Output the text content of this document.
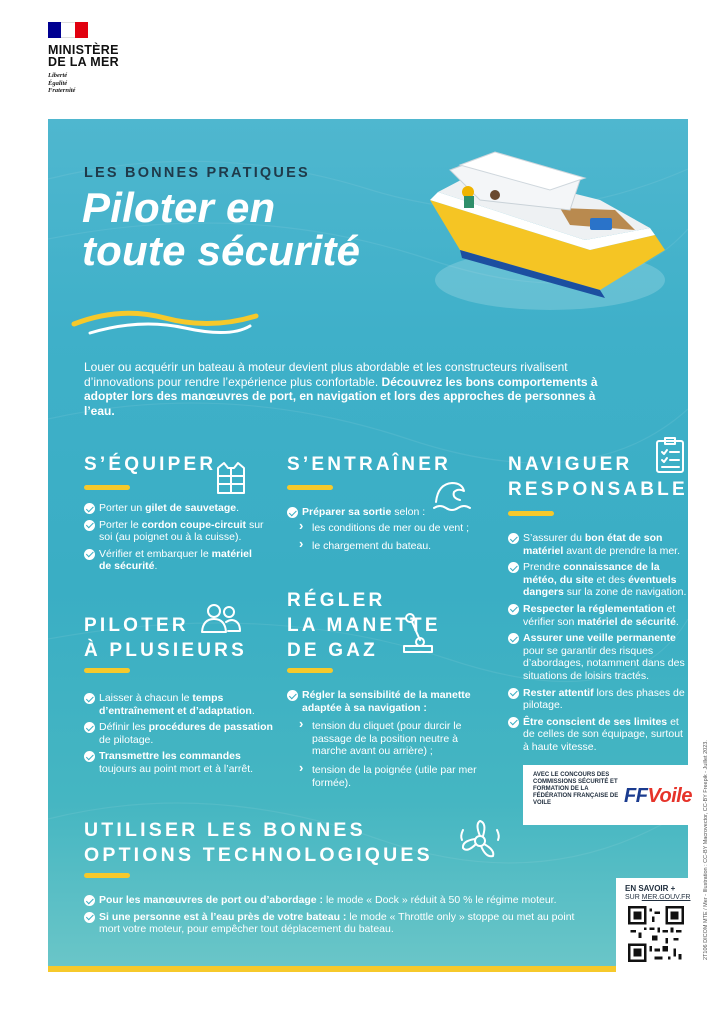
MINISTÈRE
DE LA MER
Liberté
Égalité
Fraternité
2T106 DICOM MTE / Mer - Illustration : CC-BY Macrovector, CC-BY Freepik - Juillet 2023.
LES BONNES PRATIQUES
Piloter en
toute sécurité
Louer ou acquérir un bateau à moteur devient plus abordable et les constructeurs rivalisent d’innovations pour rendre l’expérience plus confortable. Découvrez les bons comportements à adopter lors des manœuvres de port, en navigation et lors des approches de personnes à l’eau.
S’ÉQUIPER
Porter un gilet de sauvetage.
Porter le cordon coupe-circuit sur soi (au poignet ou à la cuisse).
Vérifier et embarquer le matériel de sécurité.
PILOTER
À PLUSIEURS
Laisser à chacun le temps d’entraînement et d’adaptation.
Définir les procédures de passation de pilotage.
Transmettre les commandes toujours au point mort et à l’arrêt.
S’ENTRAÎNER
Préparer sa sortie selon :
› les conditions de mer ou de vent ;
› le chargement du bateau.
RÉGLER
LA MANETTE
DE GAZ
Régler la sensibilité de la manette adaptée à sa navigation :
› tension du cliquet (pour durcir le passage de la position neutre à marche avant ou arrière) ;
› tension de la poignée (utile par mer formée).
NAVIGUER
RESPONSABLE
S’assurer du bon état de son matériel avant de prendre la mer.
Prendre connaissance de la météo, du site et des éventuels dangers sur la zone de navigation.
Respecter la réglementation et vérifier son matériel de sécurité.
Assurer une veille permanente pour se garantir des risques d’abordages, notamment dans des situations de loisirs tractés.
Rester attentif lors des phases de pilotage.
Être conscient de ses limites et de celles de son équipage, surtout à haute vitesse.
AVEC LE CONCOURS DES COMMISSIONS SÉCURITÉ ET FORMATION DE LA FÉDÉRATION FRANÇAISE DE VOILE	FFVoile
UTILISER LES BONNES
OPTIONS TECHNOLOGIQUES
Pour les manœuvres de port ou d’abordage : le mode « Dock » réduit à 50 % le régime moteur.
Si une personne est à l’eau près de votre bateau : le mode « Throttle only » stoppe ou met au point mort votre moteur, pour empêcher tout déplacement du bateau.
EN SAVOIR +
SUR MER.GOUV.FR
